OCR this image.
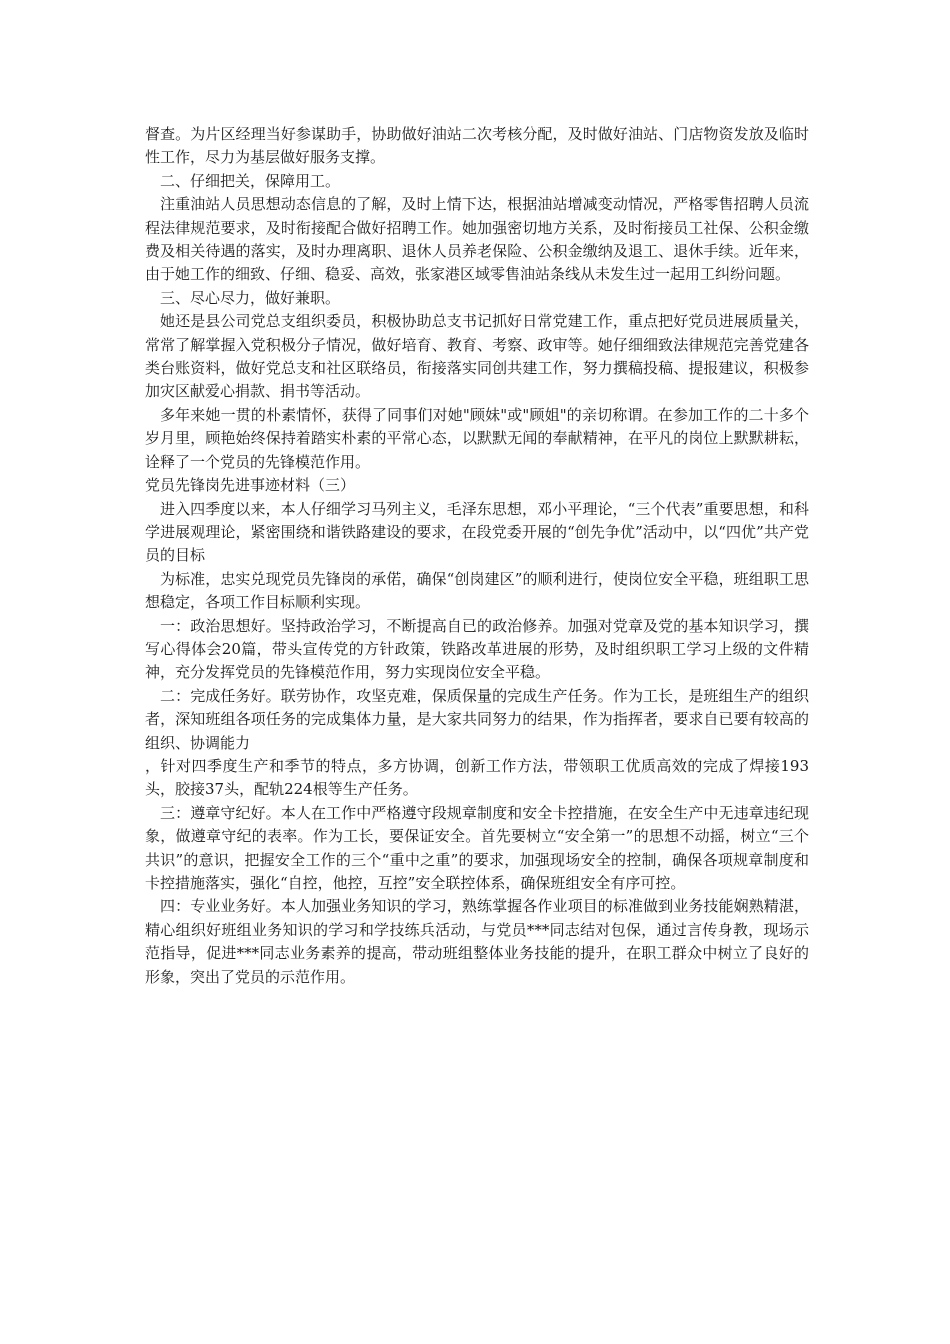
督查。为片区经理当好参谋助手，协助做好油站二次考核分配，及时做好油站、门店物资发放及临时性工作，尽力为基层做好服务支撑。

二、仔细把关，保障用工。

注重油站人员思想动态信息的了解，及时上情下达，根据油站增减变动情况，严格零售招聘人员流程法律规范要求，及时衔接配合做好招聘工作。她加强密切地方关系，及时衔接员工社保、公积金缴费及相关待遇的落实，及时办理离职、退休人员养老保险、公积金缴纳及退工、退休手续。近年来，由于她工作的细致、仔细、稳妥、高效，张家港区域零售油站条线从未发生过一起用工纠纷问题。

三、尽心尽力，做好兼职。

她还是县公司党总支组织委员，积极协助总支书记抓好日常党建工作，重点把好党员进展质量关，常常了解掌握入党积极分子情况，做好培育、教育、考察、政审等。她仔细细致法律规范完善党建各类台账资料，做好党总支和社区联络员，衔接落实同创共建工作，努力撰稿投稿、提报建议，积极参加灾区献爱心捐款、捐书等活动。

多年来她一贯的朴素情怀，获得了同事们对她"顾妹"或"顾姐"的亲切称谓。在参加工作的二十多个岁月里，顾艳始终保持着踏实朴素的平常心态，以默默无闻的奉献精神，在平凡的岗位上默默耕耘，诠释了一个党员的先锋模范作用。

党员先锋岗先进事迹材料（三）

进入四季度以来，本人仔细学习马列主义，毛泽东思想，邓小平理论，“三个代表”重要思想，和科学进展观理论，紧密围绕和谐铁路建设的要求，在段党委开展的“创先争优”活动中，以“四优”共产党员的目标

为标准，忠实兑现党员先锋岗的承偌，确保“创岗建区”的顺利进行，使岗位安全平稳，班组职工思想稳定，各项工作目标顺利实现。

一：政治思想好。坚持政治学习，不断提高自已的政治修养。加强对党章及党的基本知识学习，撰写心得体会20篇，带头宣传党的方针政策，铁路改革进展的形势，及时组织职工学习上级的文件精神，充分发挥党员的先锋模范作用，努力实现岗位安全平稳。

二：完成任务好。联劳协作，攻坚克难，保质保量的完成生产任务。作为工长，是班组生产的组织者，深知班组各项任务的完成集体力量，是大家共同努力的结果，作为指挥者，要求自已要有较高的组织、协调能力

，针对四季度生产和季节的特点，多方协调，创新工作方法，带领职工优质高效的完成了焊接193头，胶接37头，配轨224根等生产任务。

三：遵章守纪好。本人在工作中严格遵守段规章制度和安全卡控措施，在安全生产中无违章违纪现象，做遵章守纪的表率。作为工长，要保证安全。首先要树立“安全第一”的思想不动摇，树立“三个共识”的意识，把握安全工作的三个“重中之重”的要求，加强现场安全的控制，确保各项规章制度和卡控措施落实，强化“自控，他控，互控”安全联控体系，确保班组安全有序可控。

四：专业业务好。本人加强业务知识的学习，熟练掌握各作业项目的标准做到业务技能娴熟精湛，精心组织好班组业务知识的学习和学技练兵活动，与党员***同志结对包保，通过言传身教，现场示范指导，促进***同志业务素养的提高，带动班组整体业务技能的提升，在职工群众中树立了良好的形象，突出了党员的示范作用。
